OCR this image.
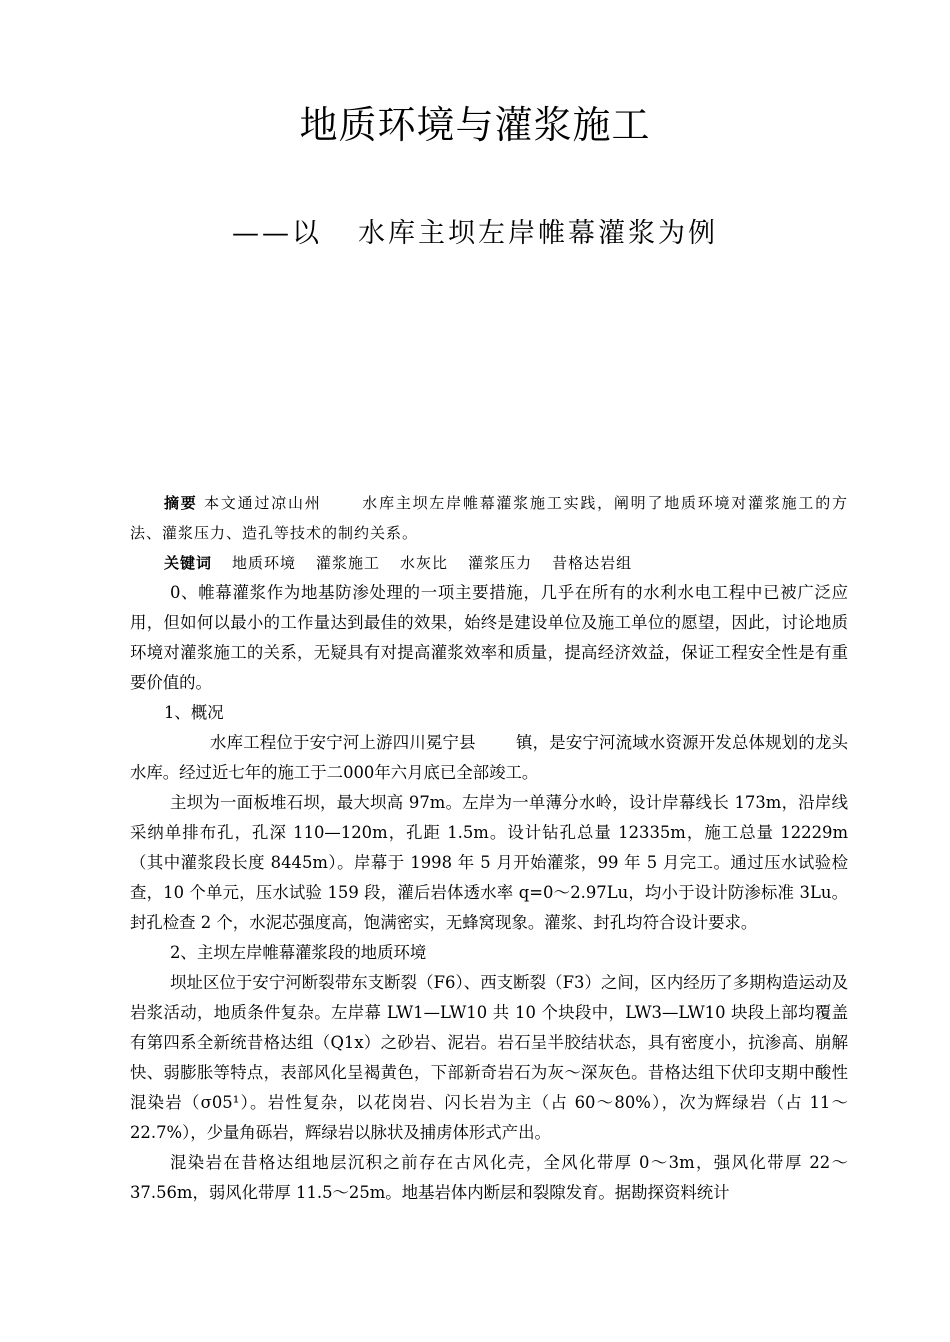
地质环境与灌浆施工
——以 水库主坝左岸帷幕灌浆为例

摘要 本文通过凉山州	水库主坝左岸帷幕灌浆施工实践，阐明了地质环境对灌浆施工的方法、灌浆压力、造孔等技术的制约关系。

关键词 地质环境 灌浆施工 水灰比 灌浆压力 昔格达岩组

0、帷幕灌浆作为地基防渗处理的一项主要措施，几乎在所有的水利水电工程中已被广泛应用，但如何以最小的工作量达到最佳的效果，始终是建设单位及施工单位的愿望，因此，讨论地质环境对灌浆施工的关系，无疑具有对提高灌浆效率和质量，提高经济效益，保证工程安全性是有重要价值的。

1、概况

水库工程位于安宁河上游四川冕宁县 镇，是安宁河流域水资源开发总体规划的龙头水库。经过近七年的施工于二000年六月底已全部竣工。

主坝为一面板堆石坝，最大坝高 97m。左岸为一单薄分水岭，设计岸幕线长 173m，沿岸线采纳单排布孔，孔深 110—120m，孔距 1.5m。设计钻孔总量 12335m，施工总量 12229m（其中灌浆段长度 8445m）。岸幕于 1998 年 5 月开始灌浆，99 年 5 月完工。通过压水试验检查，10 个单元，压水试验 159 段，灌后岩体透水率 q=0～2.97Lu，均小于设计防渗标准 3Lu。封孔检查 2 个，水泥芯强度高，饱满密实，无蜂窝现象。灌浆、封孔均符合设计要求。

2、主坝左岸帷幕灌浆段的地质环境

坝址区位于安宁河断裂带东支断裂（F6）、西支断裂（F3）之间，区内经历了多期构造运动及岩浆活动，地质条件复杂。左岸幕 LW1—LW10 共 10 个块段中，LW3—LW10 块段上部均覆盖有第四系全新统昔格达组（Q1x）之砂岩、泥岩。岩石呈半胶结状态，具有密度小，抗渗高、崩解快、弱膨胀等特点，表部风化呈褐黄色，下部新奇岩石为灰～深灰色。昔格达组下伏印支期中酸性混染岩（σ05¹）。岩性复杂，以花岗岩、闪长岩为主（占 60～80%），次为辉绿岩（占 11～22.7%），少量角砾岩，辉绿岩以脉状及捕虏体形式产出。

混染岩在昔格达组地层沉积之前存在古风化壳，全风化带厚 0～3m，强风化带厚 22～37.56m，弱风化带厚 11.5～25m。地基岩体内断层和裂隙发育。据勘探资料统计
